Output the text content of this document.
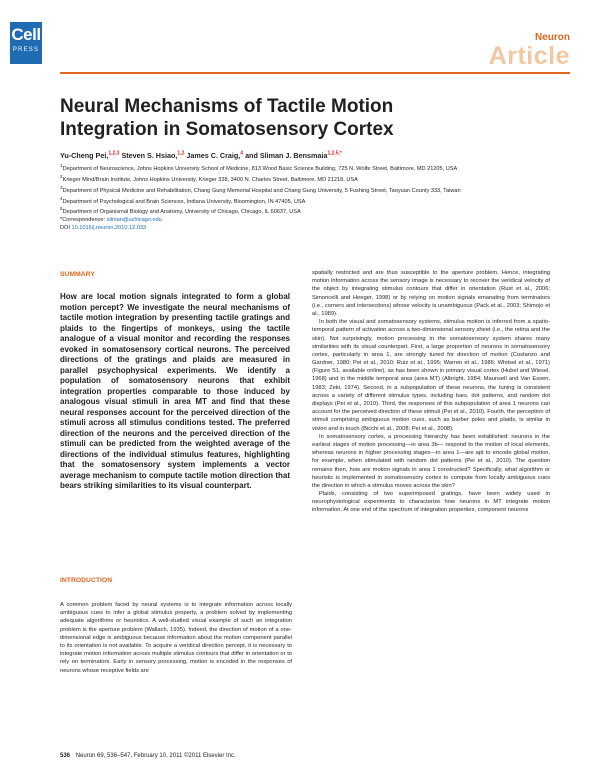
Cell
PRESS
Neuron
Article
Neural Mechanisms of Tactile Motion Integration in Somatosensory Cortex
Yu-Cheng Pei,$^{1,2,3}$ Steven S. Hsiao,$^{1,2}$ James C. Craig,$^4$ and Sliman J. Bensmaia$^{1,2,5,*}$
$^1$Department of Neuroscience, Johns Hopkins University School of Medicine, 813 Wood Basic Science Building, 725 N. Wolfe Street, Baltimore, MD 21205, USA
$^2$Krieger Mind/Brain Institute, Johns Hopkins University, Krieger 338, 3400 N. Charles Street, Baltimore, MD 21218, USA
$^3$Department of Physical Medicine and Rehabilitation, Chang Gung Memorial Hospital and Chang Gung University, 5 Fushing Street, Taoyuan County 333, Taiwan
$^4$Department of Psychological and Brain Sciences, Indiana University, Bloomington, IN 47405, USA
$^5$Department of Organismal Biology and Anatomy, University of Chicago, Chicago, IL 60637, USA
*Correspondence: sliman@uchicago.edu
DOI 10.1016/j.neuron.2010.12.033
SUMMARY
How are local motion signals integrated to form a global motion percept? We investigate the neural mechanisms of tactile motion integration by presenting tactile gratings and plaids to the fingertips of monkeys, using the tactile analogue of a visual monitor and recording the responses evoked in somatosensory cortical neurons. The perceived directions of the gratings and plaids are measured in parallel psychophysical experiments. We identify a population of somatosensory neurons that exhibit integration properties comparable to those induced by analogous visual stimuli in area MT and find that these neural responses account for the perceived direction of the stimuli across all stimulus conditions tested. The preferred direction of the neurons and the perceived direction of the stimuli can be predicted from the weighted average of the directions of the individual stimulus features, highlighting that the somatosensory system implements a vector average mechanism to compute tactile motion direction that bears striking similarities to its visual counterpart.
INTRODUCTION
A common problem faced by neural systems is to integrate information across locally ambiguous cues to infer a global stimulus property, a problem solved by implementing adequate algorithms or heuristics. A well-studied visual example of such an integration problem is the aperture problem (Wallach, 1935). Indeed, the direction of motion of a one-dimensional edge is ambiguous because information about the motion component parallel to its orientation is not available. To acquire a veridical direction percept, it is necessary to integrate motion information across multiple stimulus contours that differ in orientation or to rely on terminators. Early in sensory processing, motion is encoded in the responses of neurons whose receptive fields are

spatially restricted and are thus susceptible to the aperture problem. Hence, integrating motion information across the sensory image is necessary to recover the veridical velocity of the object by integrating stimulus contours that differ in orientation (Rust et al., 2006; Simoncelli and Heeger, 1998) or by relying on motion signals emanating from terminators (i.e., corners and intersections) whose velocity is unambiguous (Pack et al., 2003; Shimojo et al., 1989).

In both the visual and somatosensory systems, stimulus motion is inferred from a spatio-temporal pattern of activation across a two-dimensional sensory sheet (i.e., the retina and the skin). Not surprisingly, motion processing in the somatosensory system shares many similarities with its visual counterpart. First, a large proportion of neurons in somatosensory cortex, particularly in area 1, are strongly tuned for direction of motion (Costanzo and Gardner, 1980; Pei et al., 2010; Ruiz et al., 1995; Warren et al., 1986; Whitsel et al., 1971) (Figure S1, available online), as has been shown in primary visual cortex (Hubel and Wiesel, 1968) and in the middle temporal area (area MT) (Albright, 1984; Maunsell and Van Essen, 1983; Zeki, 1974). Second, in a subpopulation of these neurons, the tuning is consistent across a variety of different stimulus types, including bars, dot patterns, and random dot displays (Pei et al., 2010). Third, the responses of this subpopulation of area 1 neurons can account for the perceived direction of these stimuli (Pei et al., 2010). Fourth, the perception of stimuli comprising ambiguous motion cues, such as barber poles and plaids, is similar in vision and in touch (Bicchi et al., 2008; Pei et al., 2008).

In somatosensory cortex, a processing hierarchy has been established: neurons in the earliest stages of motion processing—in area 3b— respond to the motion of local elements, whereas neurons in higher processing stages—in area 1—are apt to encode global motion, for example, when stimulated with random dot patterns (Pei et al., 2010). The question remains then, how are motion signals in area 1 constructed? Specifically, what algorithm or heuristic is implemented in somatosensory cortex to compute from locally ambiguous cues the direction in which a stimulus moves across the skin?

Plaids, consisting of two superimposed gratings, have been widely used in neurophysiological experiments to characterize how neurons in MT integrate motion information. At one end of the spectrum of integration properties, component neurons

536 Neuron 69, 536–547, February 10, 2011 ©2011 Elsevier Inc.
